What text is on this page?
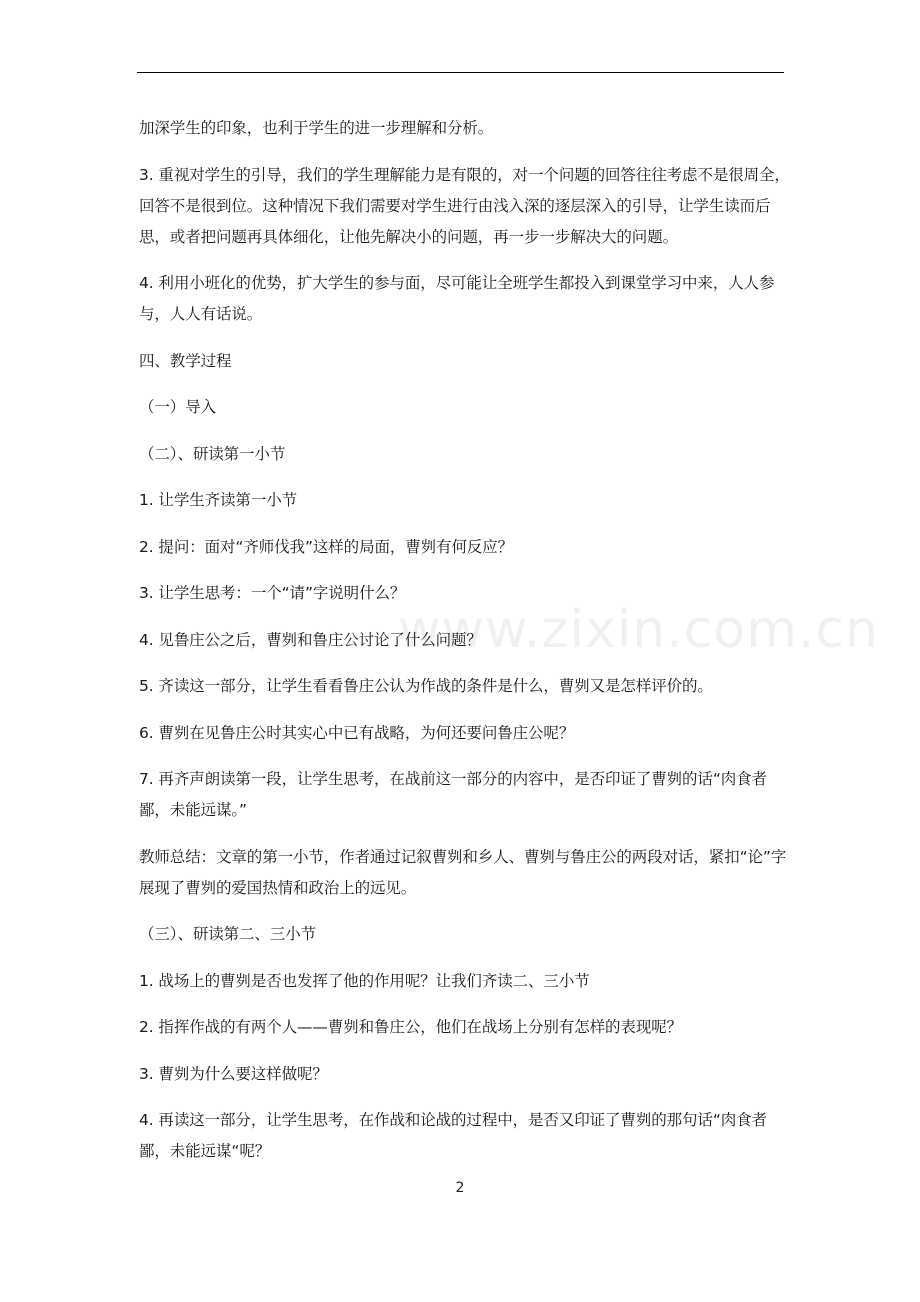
www.zixin.com.cn

加深学生的印象，也利于学生的进一步理解和分析。

3. 重视对学生的引导，我们的学生理解能力是有限的，对一个问题的回答往往考虑不是很周全，回答不是很到位。这种情况下我们需要对学生进行由浅入深的逐层深入的引导，让学生读而后思，或者把问题再具体细化，让他先解决小的问题，再一步一步解决大的问题。

4. 利用小班化的优势，扩大学生的参与面，尽可能让全班学生都投入到课堂学习中来，人人参与，人人有话说。

四、教学过程

（一）导入

（二）、研读第一小节

1. 让学生齐读第一小节

2. 提问：面对“齐师伐我”这样的局面，曹刿有何反应？

3. 让学生思考：一个“请”字说明什么？

4. 见鲁庄公之后，曹刿和鲁庄公讨论了什么问题？

5. 齐读这一部分，让学生看看鲁庄公认为作战的条件是什么，曹刿又是怎样评价的。

6. 曹刿在见鲁庄公时其实心中已有战略，为何还要问鲁庄公呢？

7. 再齐声朗读第一段，让学生思考，在战前这一部分的内容中，是否印证了曹刿的话“肉食者鄙，未能远谋。”

教师总结：文章的第一小节，作者通过记叙曹刿和乡人、曹刿与鲁庄公的两段对话，紧扣“论”字展现了曹刿的爱国热情和政治上的远见。

（三）、研读第二、三小节

1. 战场上的曹刿是否也发挥了他的作用呢？让我们齐读二、三小节

2. 指挥作战的有两个人——曹刿和鲁庄公，他们在战场上分别有怎样的表现呢？

3. 曹刿为什么要这样做呢？

4. 再读这一部分，让学生思考，在作战和论战的过程中，是否又印证了曹刿的那句话“肉食者鄙，未能远谋“呢？

2
